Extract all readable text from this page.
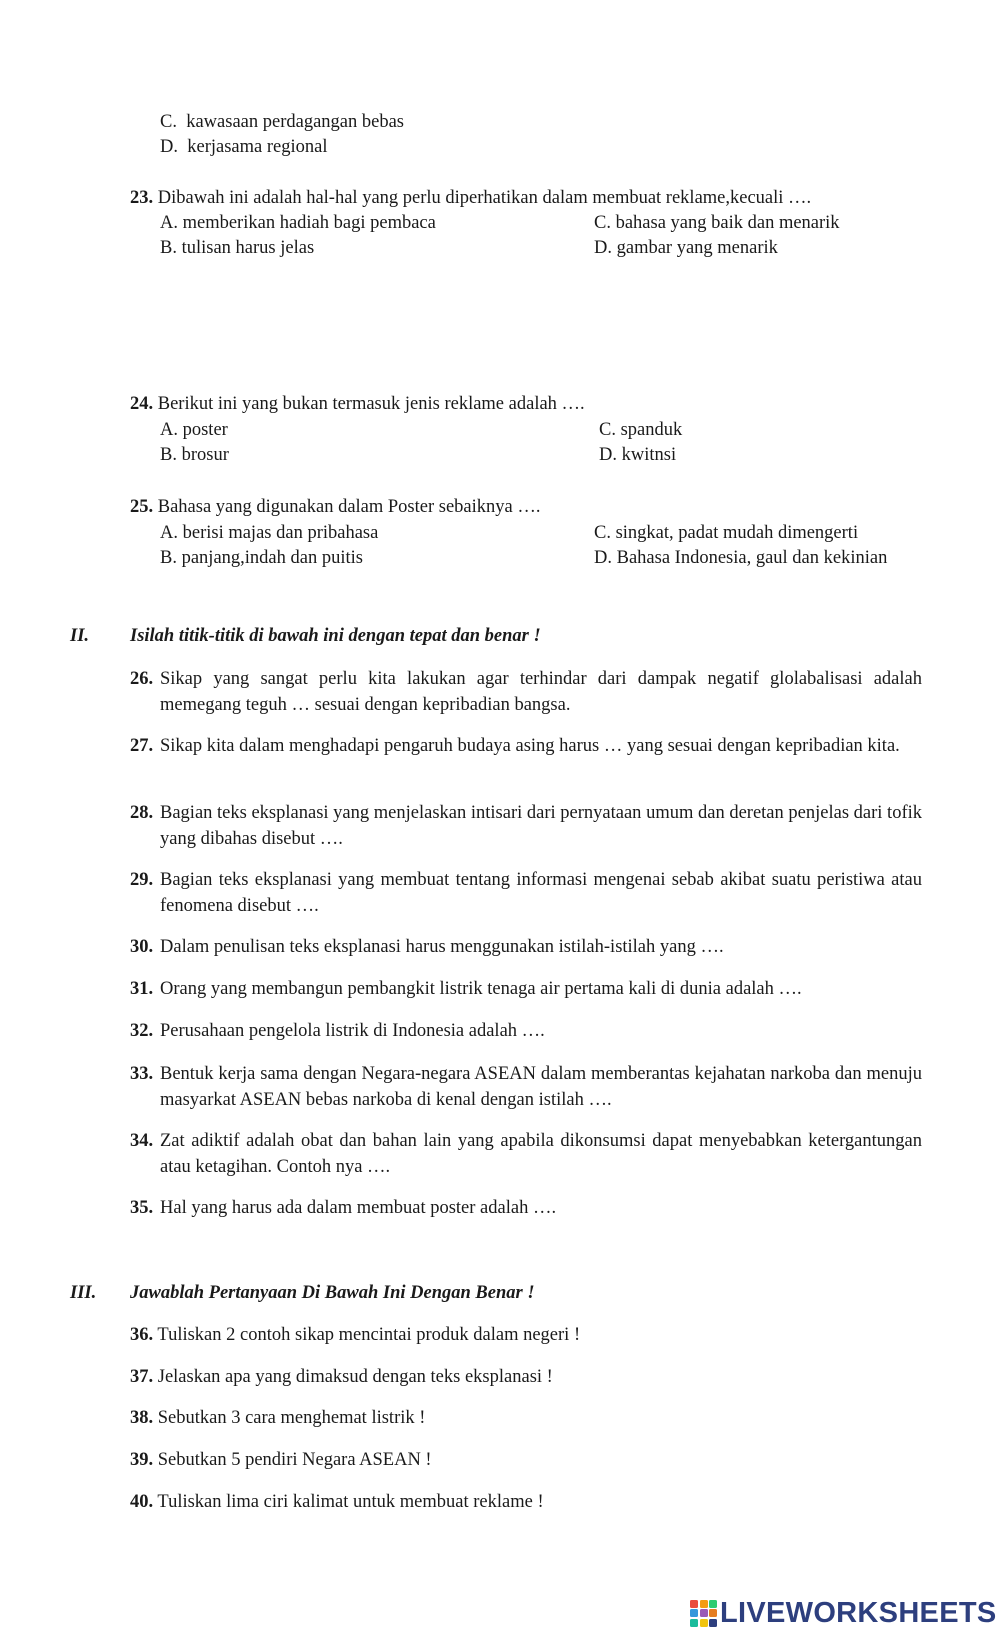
C. kawasaan perdagangan bebas
D. kerjasama regional
23. Dibawah ini adalah hal-hal yang perlu diperhatikan dalam membuat reklame,kecuali ….
A. memberikan hadiah bagi pembaca
B. tulisan harus jelas
C. bahasa yang baik dan menarik
D. gambar yang menarik
24. Berikut ini yang bukan termasuk jenis reklame adalah ….
A. poster
B. brosur
C. spanduk
D. kwitnsi
25. Bahasa yang digunakan dalam Poster sebaiknya ….
A. berisi majas dan pribahasa
B. panjang,indah dan puitis
C. singkat, padat mudah dimengerti
D. Bahasa Indonesia, gaul dan kekinian
II. Isilah titik-titik di bawah ini dengan tepat dan benar !
26. Sikap yang sangat perlu kita lakukan agar terhindar dari dampak negatif glolabalisasi adalah memegang teguh … sesuai dengan kepribadian bangsa.
27. Sikap kita dalam menghadapi pengaruh budaya asing harus … yang sesuai dengan kepribadian kita.
28. Bagian teks eksplanasi yang menjelaskan intisari dari pernyataan umum dan deretan penjelas dari tofik yang dibahas disebut ….
29. Bagian teks eksplanasi yang membuat tentang informasi mengenai sebab akibat suatu peristiwa atau fenomena disebut ….
30. Dalam penulisan teks eksplanasi harus menggunakan istilah-istilah yang ….
31. Orang yang membangun pembangkit listrik tenaga air pertama kali di dunia adalah ….
32. Perusahaan pengelola listrik di Indonesia adalah ….
33. Bentuk kerja sama dengan Negara-negara ASEAN dalam memberantas kejahatan narkoba dan menuju masyarkat ASEAN bebas narkoba di kenal dengan istilah ….
34. Zat adiktif adalah obat dan bahan lain yang apabila dikonsumsi dapat menyebabkan ketergantungan atau ketagihan. Contoh nya ….
35. Hal yang harus ada dalam membuat poster adalah ….
III. Jawablah Pertanyaan Di Bawah Ini Dengan Benar !
36. Tuliskan 2 contoh sikap mencintai produk dalam negeri !
37. Jelaskan apa yang dimaksud dengan teks eksplanasi !
38. Sebutkan 3 cara menghemat listrik !
39. Sebutkan 5 pendiri Negara ASEAN !
40. Tuliskan lima ciri kalimat untuk membuat reklame !
LIVEWORKSHEETS
